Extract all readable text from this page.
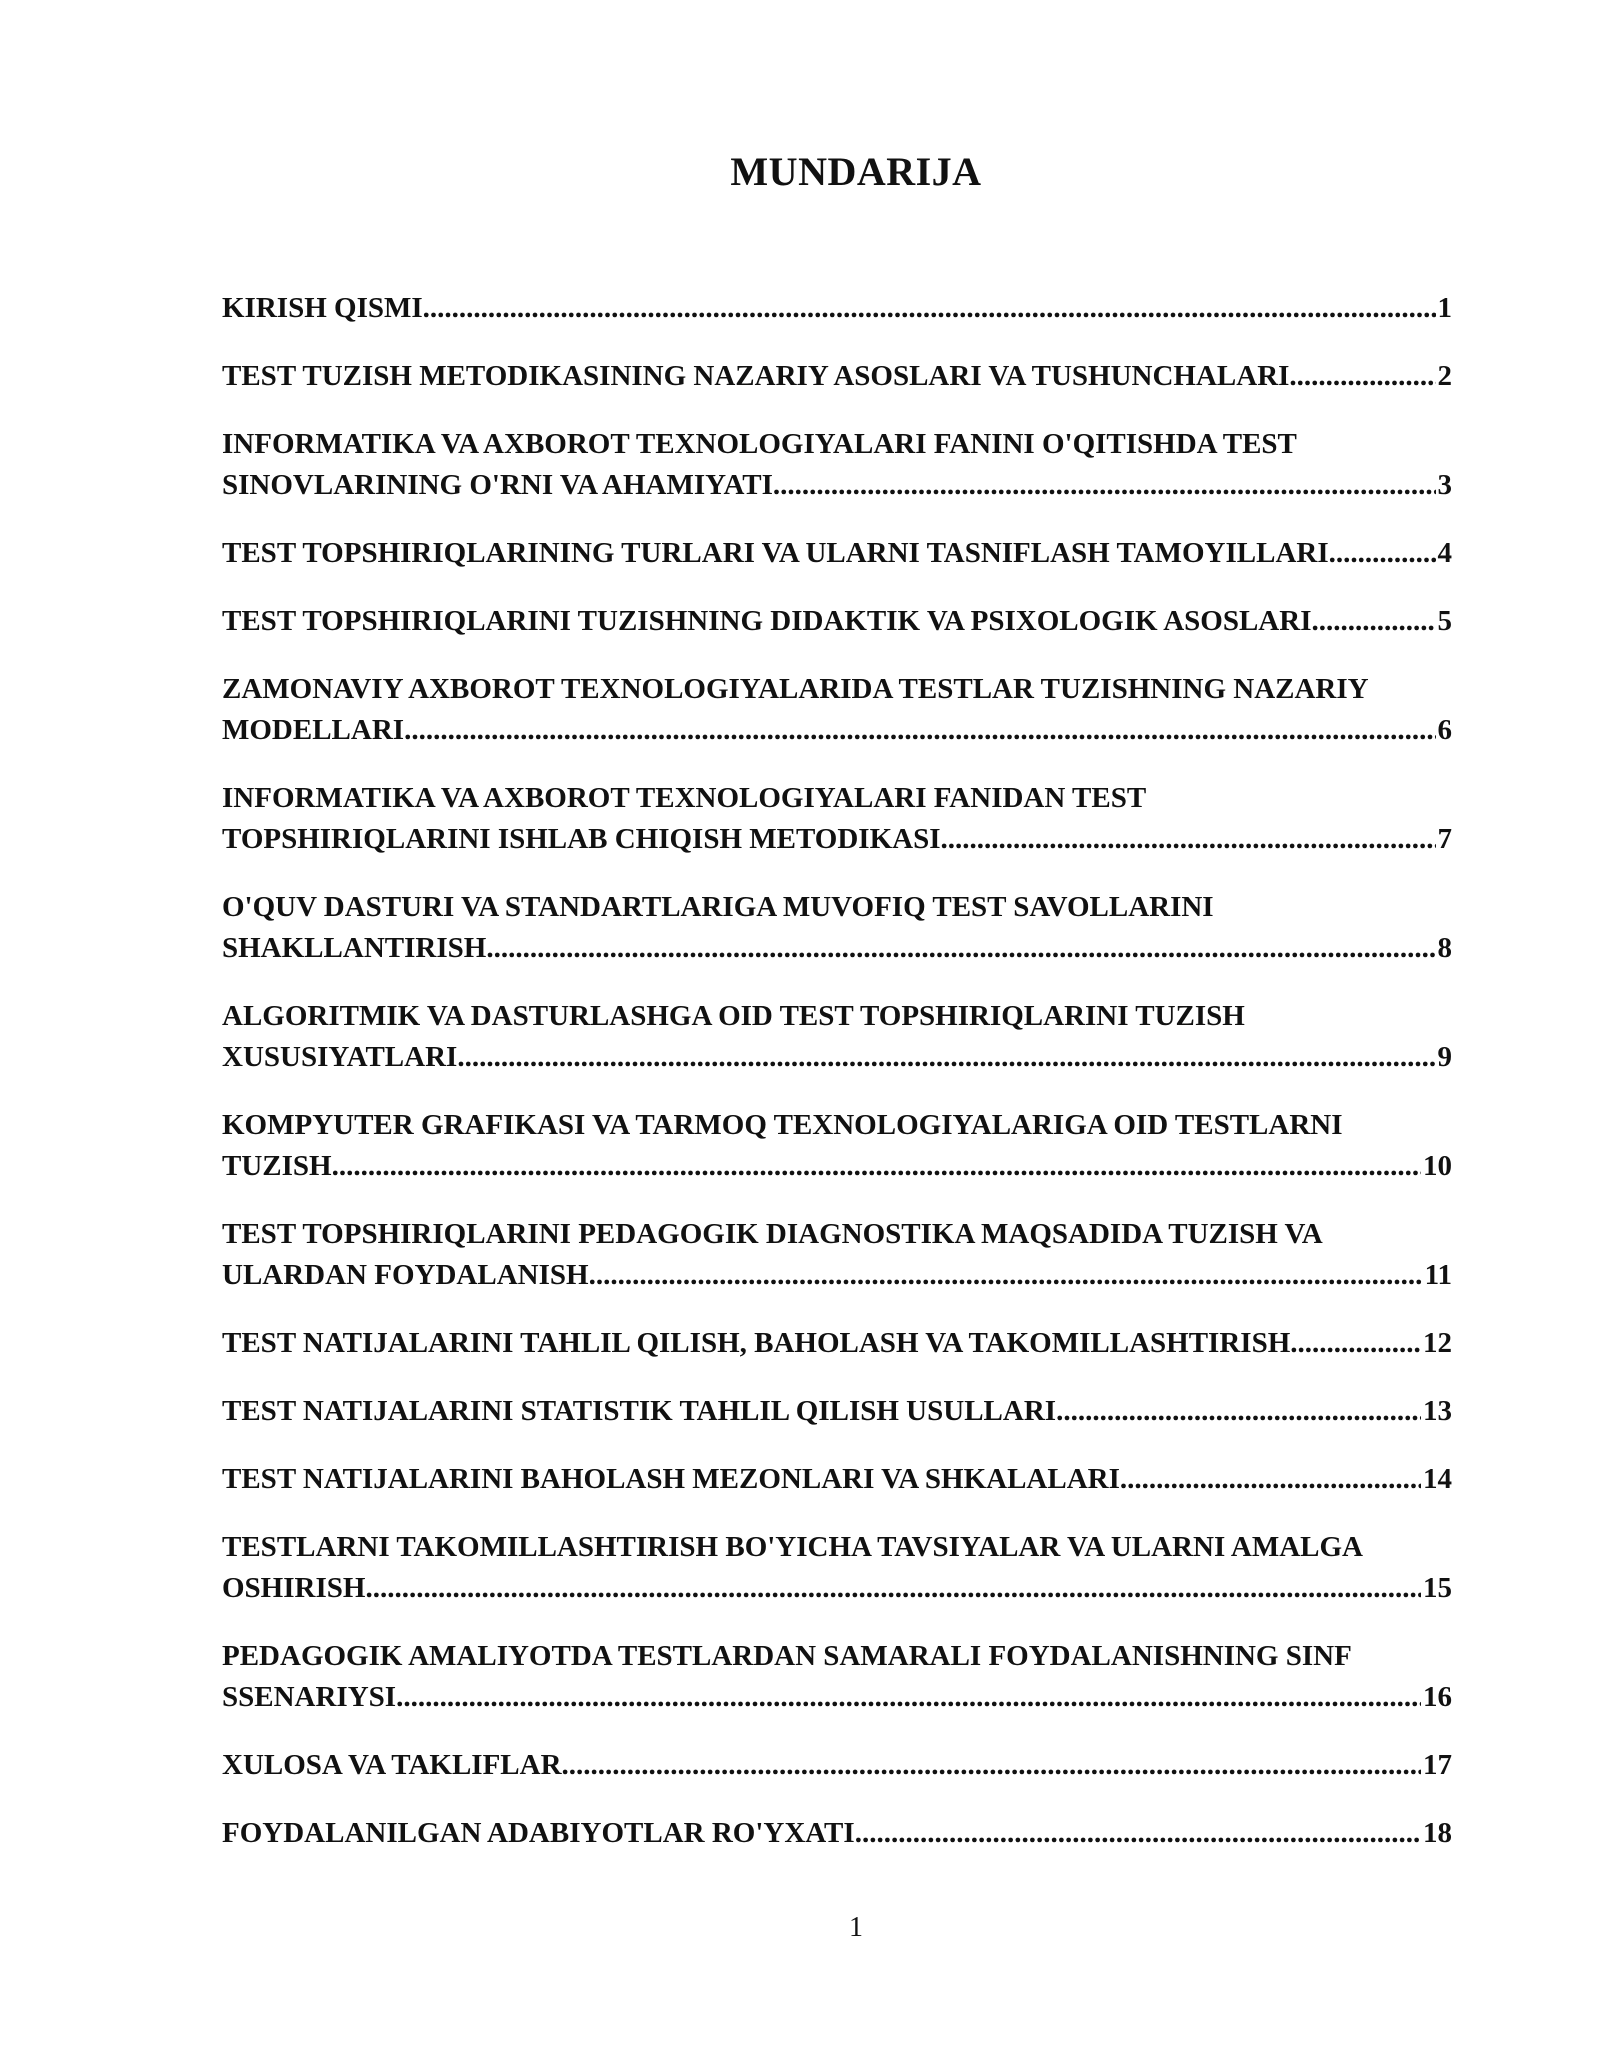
MUNDARIJA
KIRISH QISMI .....	1
TEST TUZISH METODIKASINING NAZARIY ASOSLARI VA TUSHUNCHALARI .....	2
INFORMATIKA VA AXBOROT TEXNOLOGIYALARI FANINI O'QITISHDA TEST
SINOVLARINING O'RNI VA AHAMIYATI .....	3
TEST TOPSHIRIQLARINING TURLARI VA ULARNI TASNIFLASH TAMOYILLARI .....	4
TEST TOPSHIRIQLARINI TUZISHNING DIDAKTIK VA PSIXOLOGIK ASOSLARI .....	5
ZAMONAVIY AXBOROT TEXNOLOGIYALARIDA TESTLAR TUZISHNING NAZARIY
MODELLARI .....	6
INFORMATIKA VA AXBOROT TEXNOLOGIYALARI FANIDAN TEST
TOPSHIRIQLARINI ISHLAB CHIQISH METODIKASI .....	7
O'QUV DASTURI VA STANDARTLARIGA MUVOFIQ TEST SAVOLLARINI
SHAKLLANTIRISH .....	8
ALGORITMIK VA DASTURLASHGA OID TEST TOPSHIRIQLARINI TUZISH
XUSUSIYATLARI .....	9
KOMPYUTER GRAFIKASI VA TARMOQ TEXNOLOGIYALARIGA OID TESTLARNI
TUZISH .....	10
TEST TOPSHIRIQLARINI PEDAGOGIK DIAGNOSTIKA MAQSADIDA TUZISH VA
ULARDAN FOYDALANISH .....	11
TEST NATIJALARINI TAHLIL QILISH, BAHOLASH VA TAKOMILLASHTIRISH .....	12
TEST NATIJALARINI STATISTIK TAHLIL QILISH USULLARI .....	13
TEST NATIJALARINI BAHOLASH MEZONLARI VA SHKALALARI .....	14
TESTLARNI TAKOMILLASHTIRISH BO'YICHA TAVSIYALAR VA ULARNI AMALGA
OSHIRISH .....	15
PEDAGOGIK AMALIYOTDA TESTLARDAN SAMARALI FOYDALANISHNING SINF
SSENARIYSI .....	16
XULOSA VA TAKLIFLAR .....	17
FOYDALANILGAN ADABIYOTLAR RO'YXATI .....	18
1
